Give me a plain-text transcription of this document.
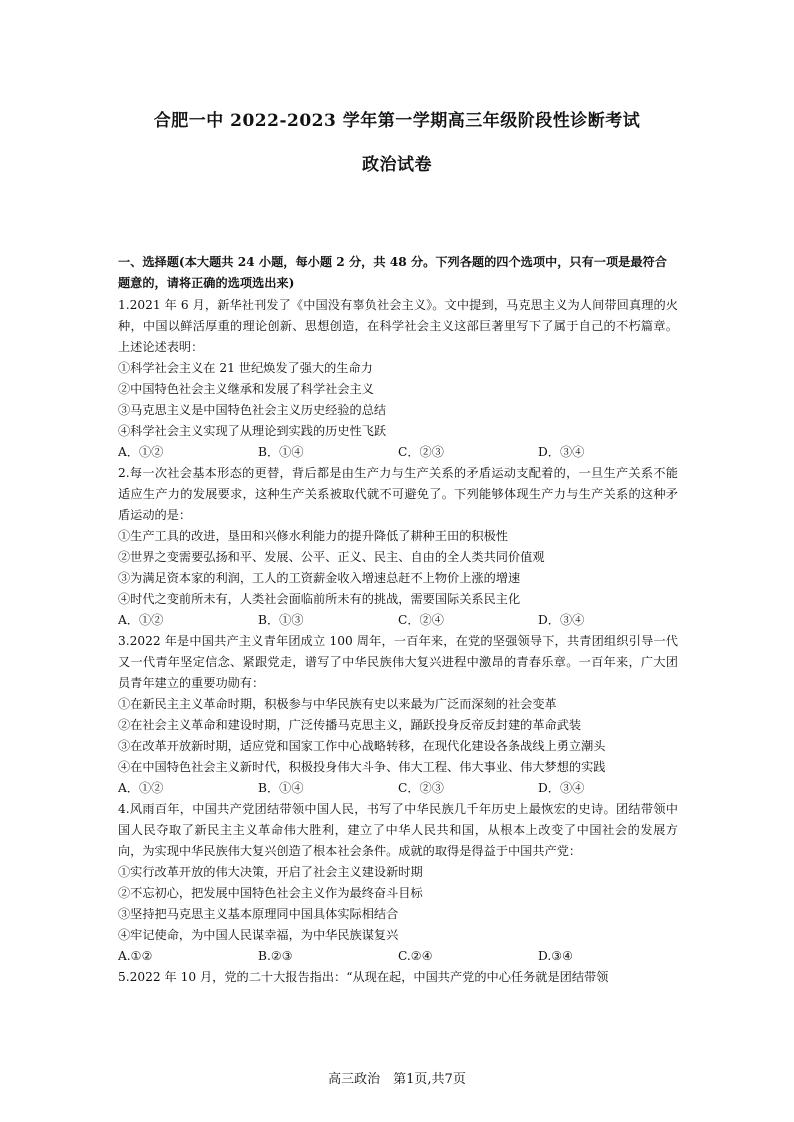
合肥一中 2022-2023 学年第一学期高三年级阶段性诊断考试
政治试卷
一、选择题(本大题共 24 小题，每小题 2 分，共 48 分。下列各题的四个选项中，只有一项是最符合题意的，请将正确的选项选出来)

1.2021 年 6 月，新华社刊发了《中国没有辜负社会主义》。文中提到，马克思主义为人间带回真理的火种，中国以鲜活厚重的理论创新、思想创造，在科学社会主义这部巨著里写下了属于自己的不朽篇章。上述论述表明：

①科学社会主义在 21 世纪焕发了强大的生命力

②中国特色社会主义继承和发展了科学社会主义

③马克思主义是中国特色社会主义历史经验的总结

④科学社会主义实现了从理论到实践的历史性飞跃

A．①②	B．①④	C．②③	D．③④

2.每一次社会基本形态的更替，背后都是由生产力与生产关系的矛盾运动支配着的，一旦生产关系不能适应生产力的发展要求，这种生产关系被取代就不可避免了。下列能够体现生产力与生产关系的这种矛盾运动的是：

①生产工具的改进，垦田和兴修水利能力的提升降低了耕种王田的积极性

②世界之变需要弘扬和平、发展、公平、正义、民主、自由的全人类共同价值观

③为满足资本家的利润，工人的工资薪金收入增速总赶不上物价上涨的增速

④时代之变前所未有，人类社会面临前所未有的挑战，需要国际关系民主化

A．①②	B．①③	C．②④	D．③④

3.2022 年是中国共产主义青年团成立 100 周年，一百年来，在党的坚强领导下，共青团组织引导一代又一代青年坚定信念、紧跟党走，谱写了中华民族伟大复兴进程中激昂的青春乐章。一百年来，广大团员青年建立的重要功勋有：

①在新民主主义革命时期，积极参与中华民族有史以来最为广泛而深刻的社会变革

②在社会主义革命和建设时期，广泛传播马克思主义，踊跃投身反帝反封建的革命武装

③在改革开放新时期，适应党和国家工作中心战略转移，在现代化建设各条战线上勇立潮头

④在中国特色社会主义新时代，积极投身伟大斗争、伟大工程、伟大事业、伟大梦想的实践

A．①②	B．①④	C．②③	D．③④

4.风雨百年，中国共产党团结带领中国人民，书写了中华民族几千年历史上最恢宏的史诗。团结带领中国人民夺取了新民主主义革命伟大胜利，建立了中华人民共和国，从根本上改变了中国社会的发展方向，为实现中华民族伟大复兴创造了根本社会条件。成就的取得是得益于中国共产党：

①实行改革开放的伟大决策，开启了社会主义建设新时期

②不忘初心，把发展中国特色社会主义作为最终奋斗目标

③坚持把马克思主义基本原理同中国具体实际相结合

④牢记使命，为中国人民谋幸福，为中华民族谋复兴

A.①②	B.②③	C.②④	D.③④

5.2022 年 10 月，党的二十大报告指出：“从现在起，中国共产党的中心任务就是团结带领

高三政治　第1页,共7页
